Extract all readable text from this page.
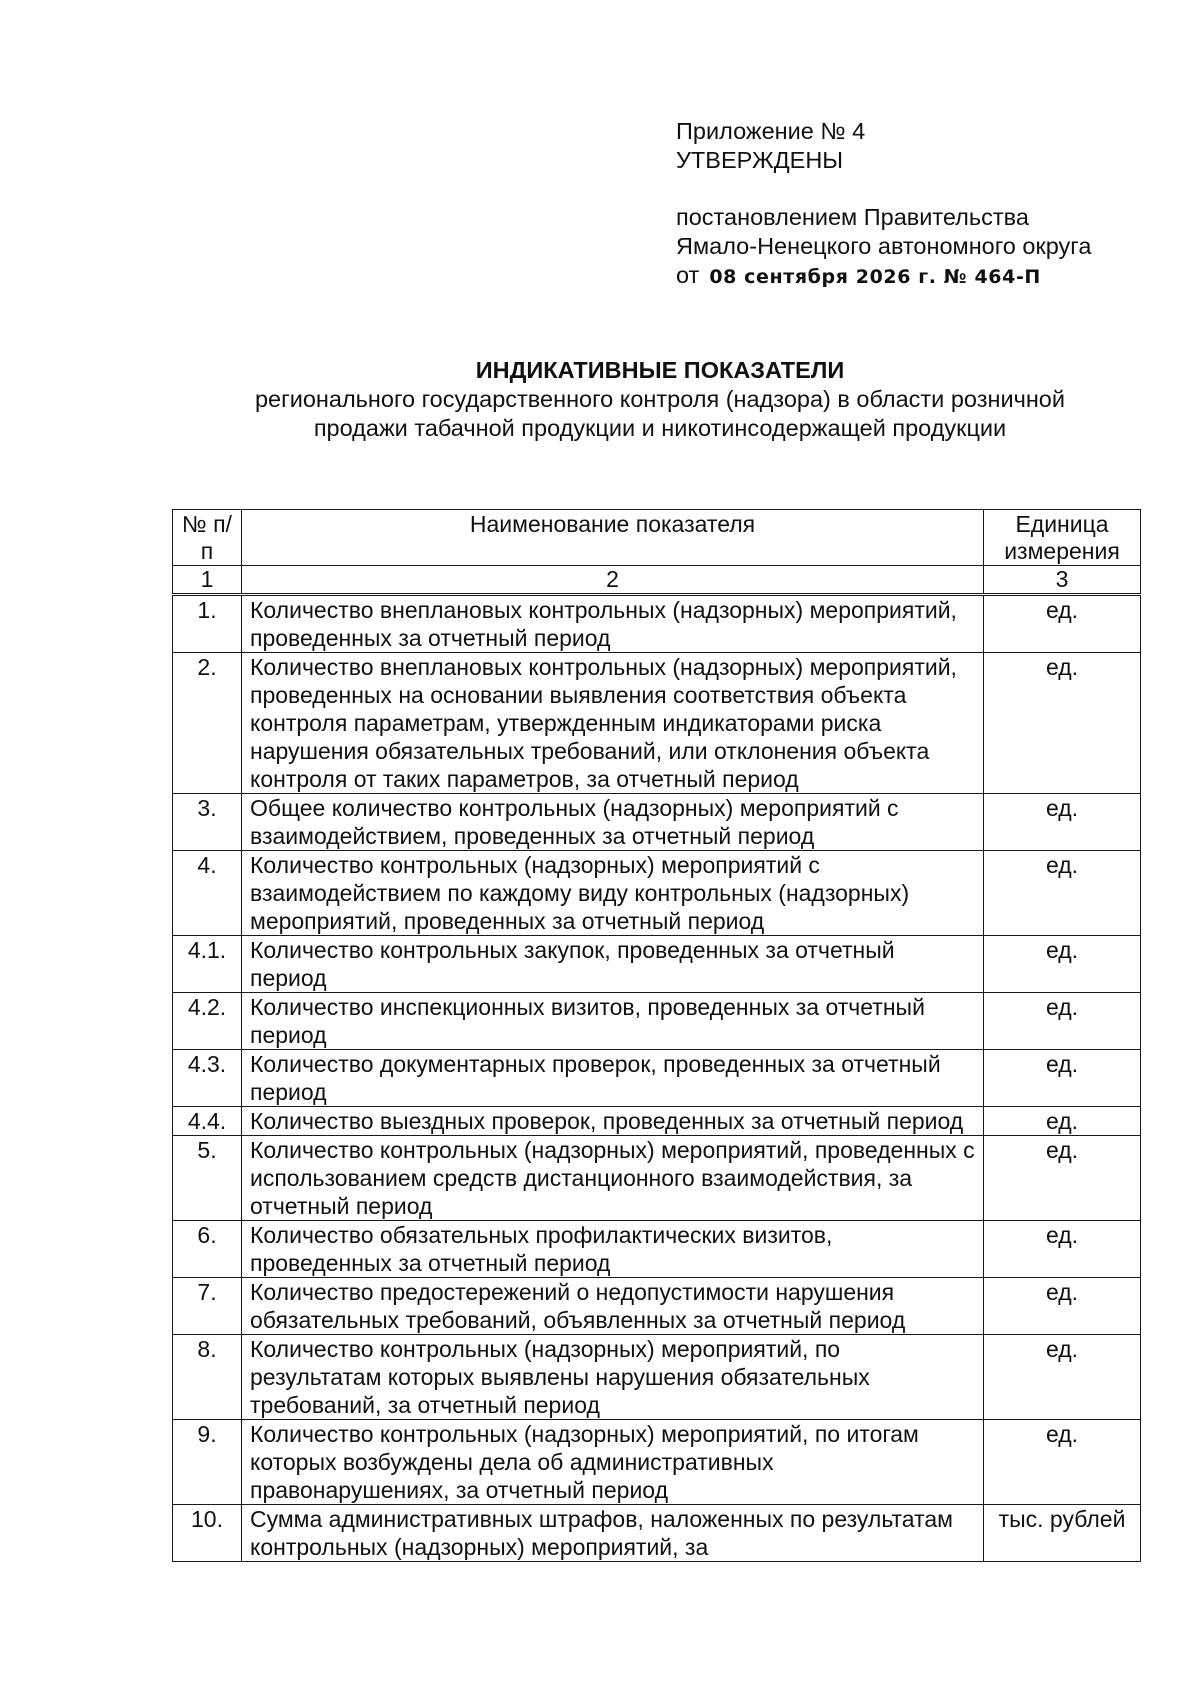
Приложение № 4
УТВЕРЖДЕНЫ
постановлением Правительства
Ямало-Ненецкого автономного округа
от 08 сентября 2026 г. № 464-П
ИНДИКАТИВНЫЕ ПОКАЗАТЕЛИ
регионального государственного контроля (надзора) в области розничной
продажи табачной продукции и никотинсодержащей продукции
№ п/п	Наименование показателя	Единица измерения
1	2	3
1.	Количество внеплановых контрольных (надзорных) мероприятий, проведенных за отчетный период	ед.
2.	Количество внеплановых контрольных (надзорных) мероприятий, проведенных на основании выявления соответствия объекта контроля параметрам, утвержденным индикаторами риска нарушения обязательных требований, или отклонения объекта контроля от таких параметров, за отчетный период	ед.
3.	Общее количество контрольных (надзорных) мероприятий с взаимодействием, проведенных за отчетный период	ед.
4.	Количество контрольных (надзорных) мероприятий с взаимодействием по каждому виду контрольных (надзорных) мероприятий, проведенных за отчетный период	ед.
4.1.	Количество контрольных закупок, проведенных за отчетный период	ед.
4.2.	Количество инспекционных визитов, проведенных за отчетный период	ед.
4.3.	Количество документарных проверок, проведенных за отчетный период	ед.
4.4.	Количество выездных проверок, проведенных за отчетный период	ед.
5.	Количество контрольных (надзорных) мероприятий, проведенных с использованием средств дистанционного взаимодействия, за отчетный период	ед.
6.	Количество обязательных профилактических визитов, проведенных за отчетный период	ед.
7.	Количество предостережений о недопустимости нарушения обязательных требований, объявленных за отчетный период	ед.
8.	Количество контрольных (надзорных) мероприятий, по результатам которых выявлены нарушения обязательных требований, за отчетный период	ед.
9.	Количество контрольных (надзорных) мероприятий, по итогам которых возбуждены дела об административных правонарушениях, за отчетный период	ед.
10.	Сумма административных штрафов, наложенных по результатам контрольных (надзорных) мероприятий, за	тыс. рублей
